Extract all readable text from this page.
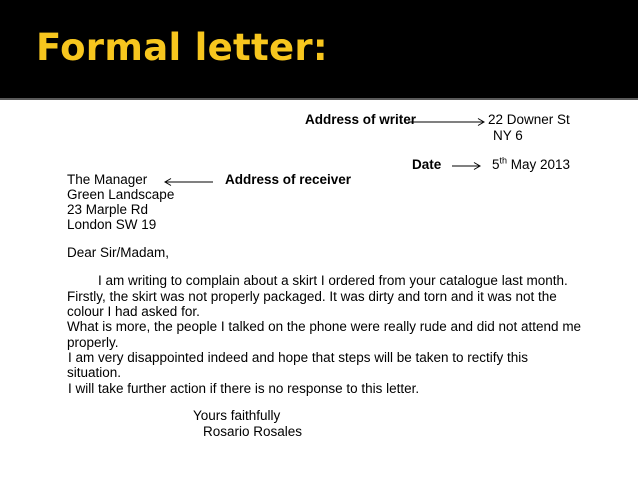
Formal letter:
Address of writer	22 Downer St
NY 6
Date	5th May 2013
The Manager	Address of receiver
Green Landscape
23 Marple Rd
London SW 19
Dear Sir/Madam,
I am writing to complain about a skirt I ordered from your catalogue last month.
Firstly, the skirt was not properly packaged. It was dirty and torn and it was not the
colour I had asked for.
What is more, the people I talked on the phone were really rude and did not attend me
properly.
I am very disappointed indeed and hope that steps will be taken to rectify this
situation.
I will take further action if there is no response to this letter.
Yours faithfully
Rosario Rosales
